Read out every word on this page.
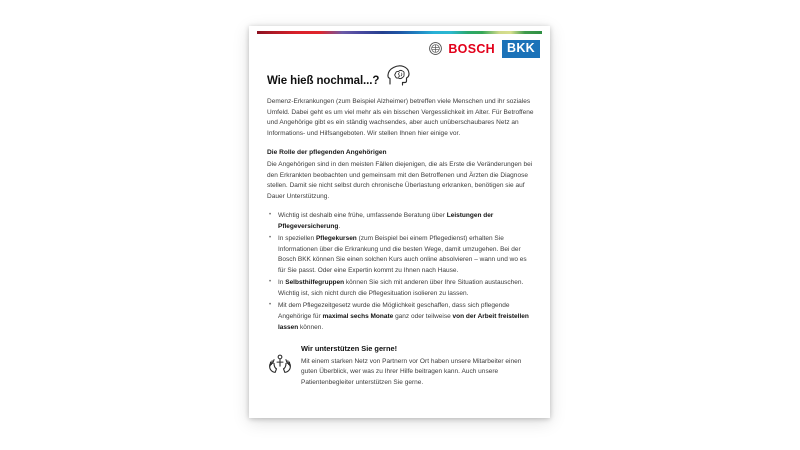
BOSCH BKK
Wie hieß nochmal...?

Demenz-Erkrankungen (zum Beispiel Alzheimer) betreffen viele Menschen und ihr soziales Umfeld. Dabei geht es um viel mehr als ein bisschen Vergesslichkeit im Alter. Für Betroffene und Angehörige gibt es ein ständig wachsendes, aber auch unüberschaubares Netz an Informations- und Hilfsangeboten. Wir stellen Ihnen hier einige vor.

Die Rolle der pflegenden Angehörigen

Die Angehörigen sind in den meisten Fällen diejenigen, die als Erste die Veränderungen bei den Erkrankten beobachten und gemeinsam mit den Betroffenen und Ärzten die Diagnose stellen. Damit sie nicht selbst durch chronische Überlastung erkranken, benötigen sie auf Dauer Unterstützung.

• Wichtig ist deshalb eine frühe, umfassende Beratung über Leistungen der Pflegeversicherung.
• In speziellen Pflegekursen (zum Beispiel bei einem Pflegedienst) erhalten Sie Informationen über die Erkrankung und die besten Wege, damit umzugehen. Bei der Bosch BKK können Sie einen solchen Kurs auch online absolvieren – wann und wo es für Sie passt. Oder eine Expertin kommt zu Ihnen nach Hause.
• In Selbsthilfegruppen können Sie sich mit anderen über Ihre Situation austauschen. Wichtig ist, sich nicht durch die Pflegesituation isolieren zu lassen.
• Mit dem Pflegezeitgesetz wurde die Möglichkeit geschaffen, dass sich pflegende Angehörige für maximal sechs Monate ganz oder teilweise von der Arbeit freistellen lassen können.
Wir unterstützen Sie gerne!

Mit einem starken Netz von Partnern vor Ort haben unsere Mitarbeiter einen guten Überblick, wer was zu Ihrer Hilfe beitragen kann. Auch unsere Patientenbegleiter unterstützen Sie gerne.
